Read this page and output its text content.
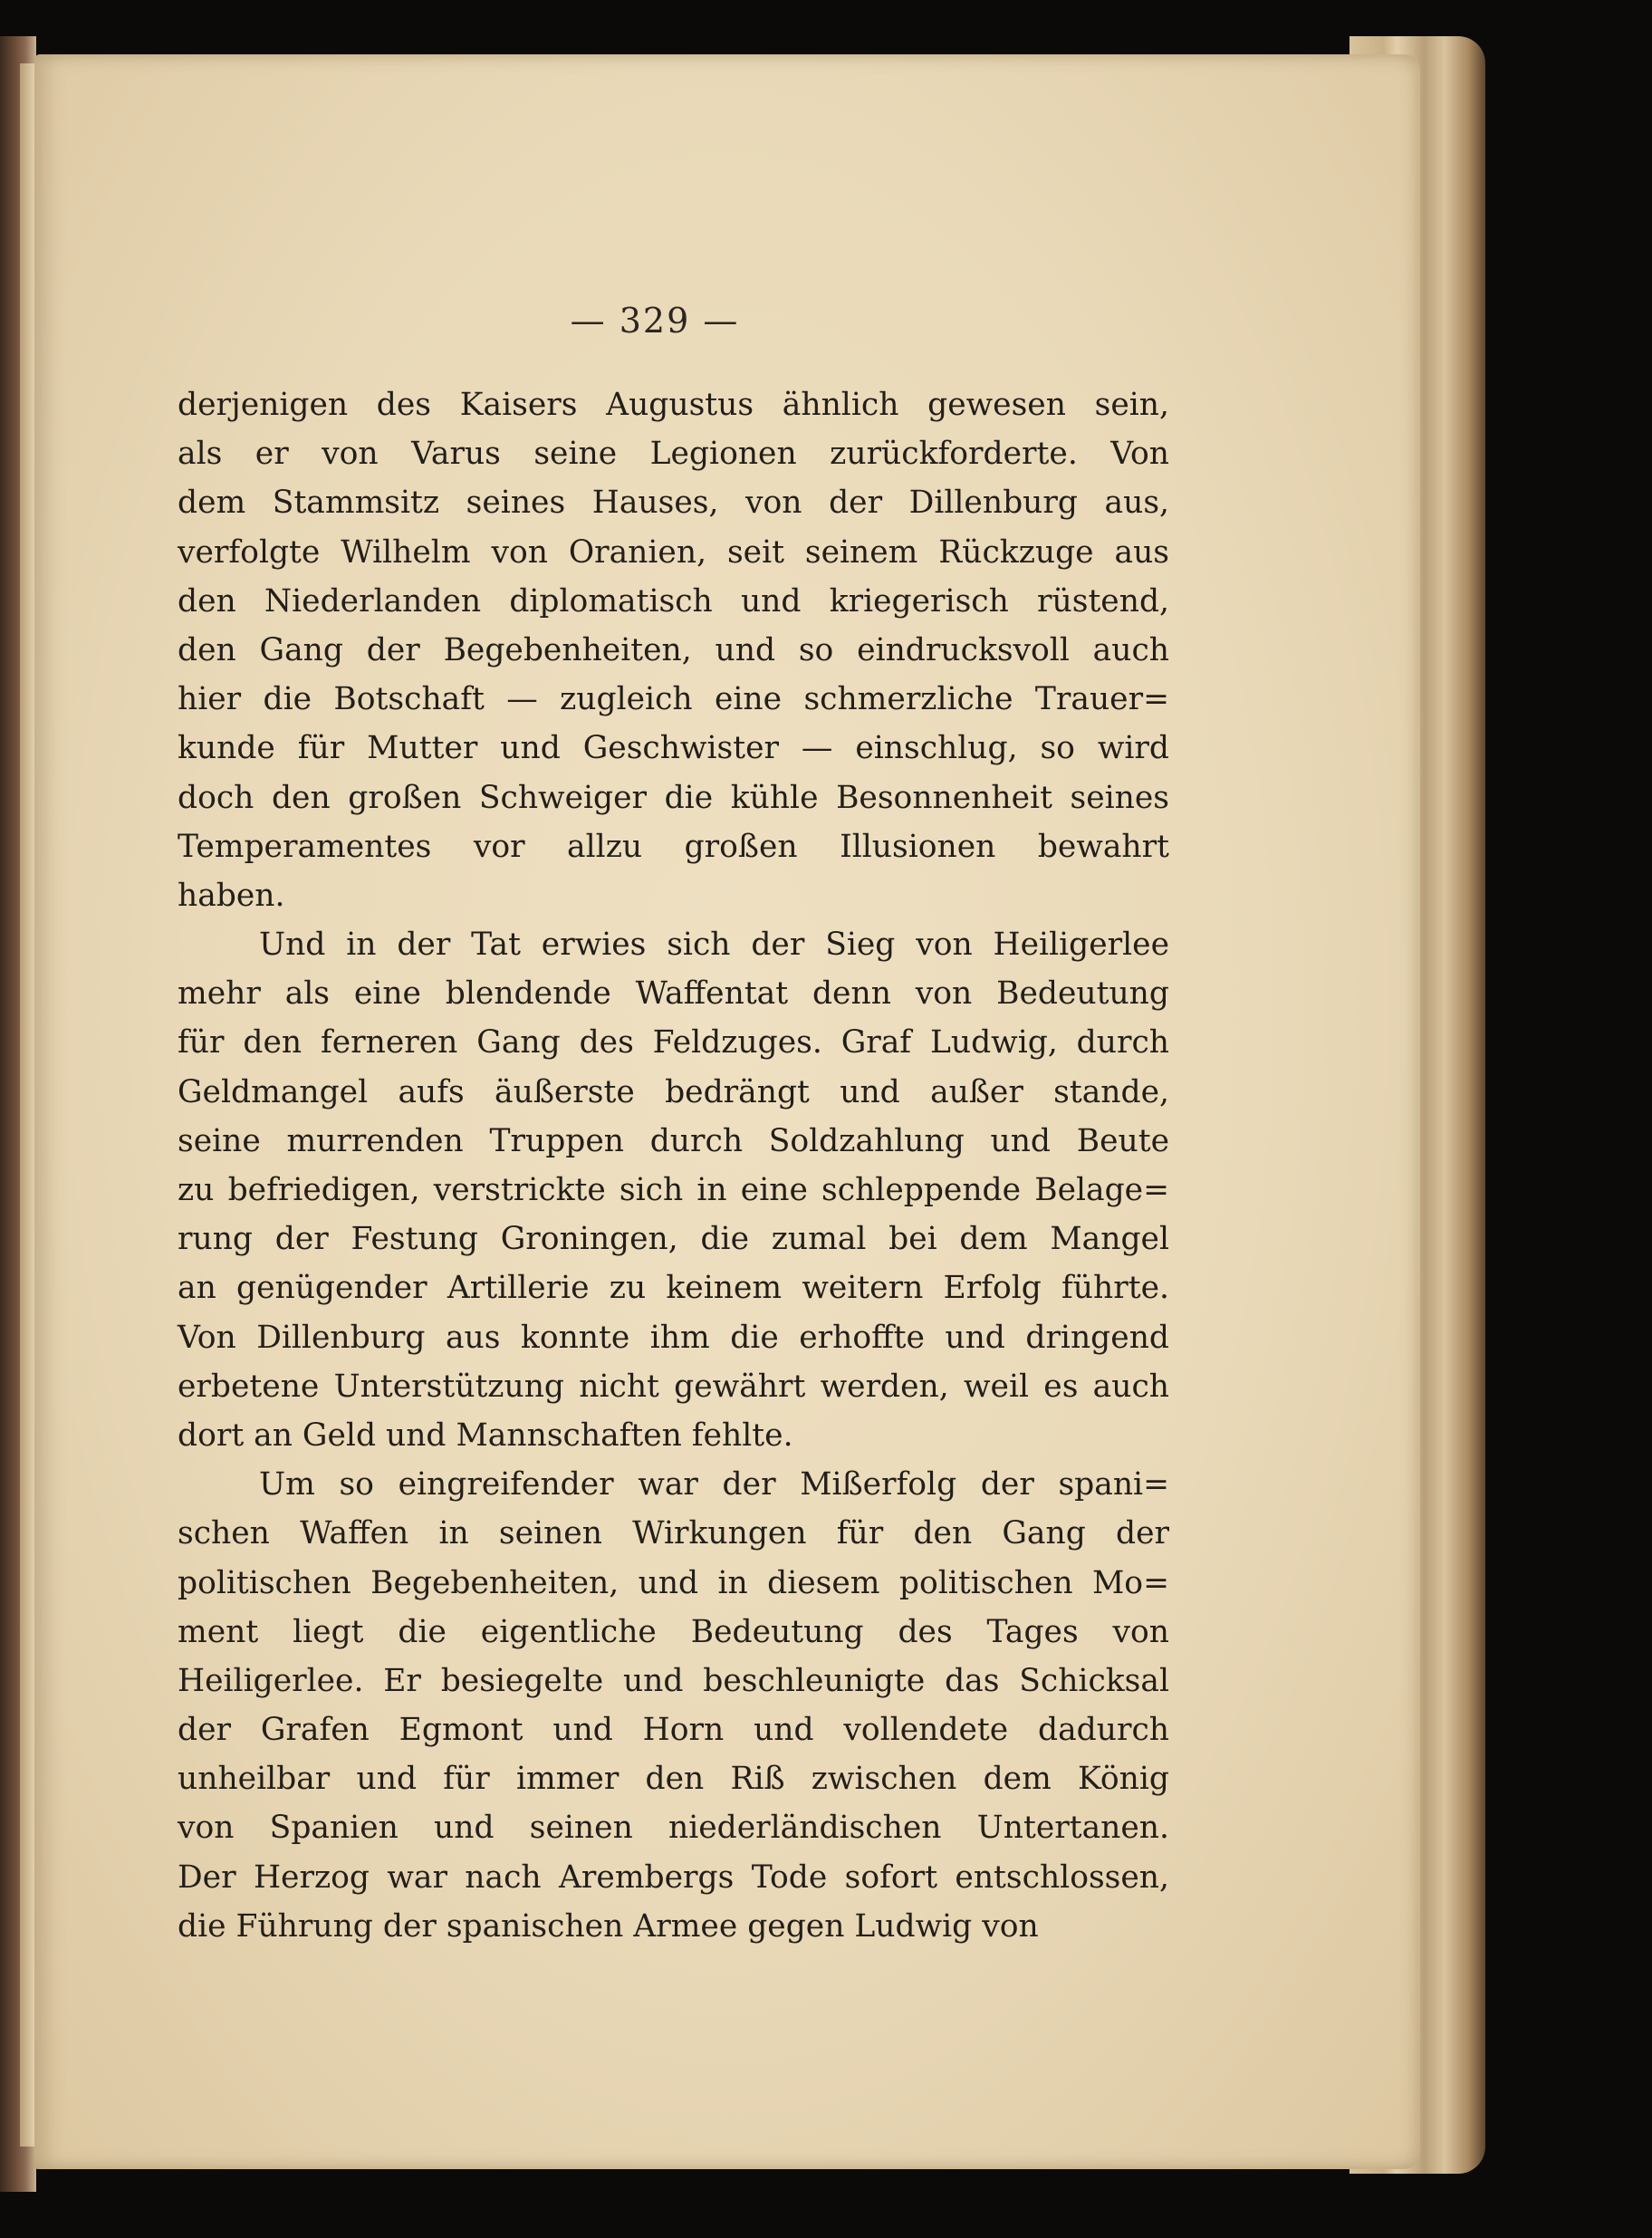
— 329 —
derjenigen des Kaisers Augustus ähnlich gewesen sein,
als er von Varus seine Legionen zurückforderte. Von
dem Stammsitz seines Hauses, von der Dillenburg aus,
verfolgte Wilhelm von Oranien, seit seinem Rückzuge aus
den Niederlanden diplomatisch und kriegerisch rüstend,
den Gang der Begebenheiten, und so eindrucksvoll auch
hier die Botschaft — zugleich eine schmerzliche Trauer=
kunde für Mutter und Geschwister — einschlug, so wird
doch den großen Schweiger die kühle Besonnenheit seines
Temperamentes vor allzu großen Illusionen bewahrt
haben.
Und in der Tat erwies sich der Sieg von Heiligerlee
mehr als eine blendende Waffentat denn von Bedeutung
für den ferneren Gang des Feldzuges. Graf Ludwig, durch
Geldmangel aufs äußerste bedrängt und außer stande,
seine murrenden Truppen durch Soldzahlung und Beute
zu befriedigen, verstrickte sich in eine schleppende Belage=
rung der Festung Groningen, die zumal bei dem Mangel
an genügender Artillerie zu keinem weitern Erfolg führte.
Von Dillenburg aus konnte ihm die erhoffte und dringend
erbetene Unterstützung nicht gewährt werden, weil es auch
dort an Geld und Mannschaften fehlte.
Um so eingreifender war der Mißerfolg der spani=
schen Waffen in seinen Wirkungen für den Gang der
politischen Begebenheiten, und in diesem politischen Mo=
ment liegt die eigentliche Bedeutung des Tages von
Heiligerlee. Er besiegelte und beschleunigte das Schicksal
der Grafen Egmont und Horn und vollendete dadurch
unheilbar und für immer den Riß zwischen dem König
von Spanien und seinen niederländischen Untertanen.
Der Herzog war nach Arembergs Tode sofort entschlossen,
die Führung der spanischen Armee gegen Ludwig von
